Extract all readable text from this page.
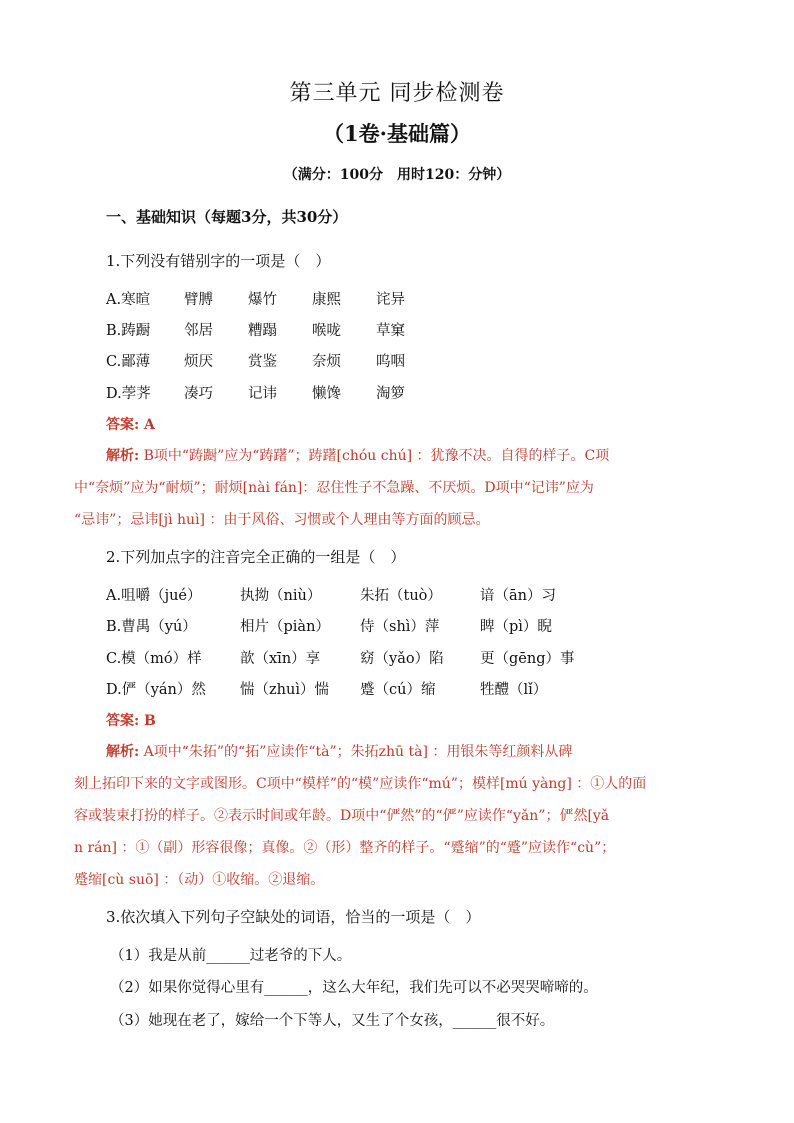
第三单元 同步检测卷
（1卷·基础篇）
（满分：100分　用时120：分钟）
一、基础知识（每题3分，共30分）
1.下列没有错别字的一项是（　）
A.寒暄 臂膊 爆竹 康熙 诧异
B.踌蹰 邻居 糟蹋 喉咙 草窠
C.鄙薄 烦厌 赏鉴 奈烦 呜咽
D.荸荠 凑巧 记讳 懒馋 淘箩
答案: A
解析: B项中“踌蹰”应为“踌躇”；踌躇[chóu chú] ：犹豫不决。自得的样子。C项
中“奈烦”应为“耐烦”；耐烦[nài fán]：忍住性子不急躁、不厌烦。D项中“记讳”应为
“忌讳”；忌讳[jì huì] ：由于风俗、习惯或个人理由等方面的顾忌。
2.下列加点字的注音完全正确的一组是（　）
A.咀嚼（jué）	执拗（niù）	朱拓（tuò）	谙（ān）习
B.曹禺（yú）	相片（piàn） 侍（shì）萍	睥（pì）睨
C.模（mó）样	歆（xīn）享	窈（yǎo）陷	更（gēng）事
D.俨（yán）然 惴（zhuì）惴 蹙（cú）缩	牲醴（lǐ）
答案: B
解析: A项中“朱拓”的“拓”应读作“tà”；朱拓zhū tà] ：用银朱等红颜料从碑
刻上拓印下来的文字或图形。C项中“模样”的“模”应读作“mú”；模样[mú yàng] ：①人的面
容或装束打扮的样子。②表示时间或年龄。D项中“俨然”的“俨”应读作“yǎn”；俨然[yǎ
n rán] ：①（副）形容很像；真像。②（形）整齐的样子。“蹙缩”的“蹙”应读作“cù”；
蹙缩[cù suō] ：（动）①收缩。②退缩。
3.依次填入下列句子空缺处的词语，恰当的一项是（　）
（1）我是从前______过老爷的下人。
（2）如果你觉得心里有______，这么大年纪，我们先可以不必哭哭啼啼的。
（3）她现在老了，嫁给一个下等人，又生了个女孩，______很不好。
